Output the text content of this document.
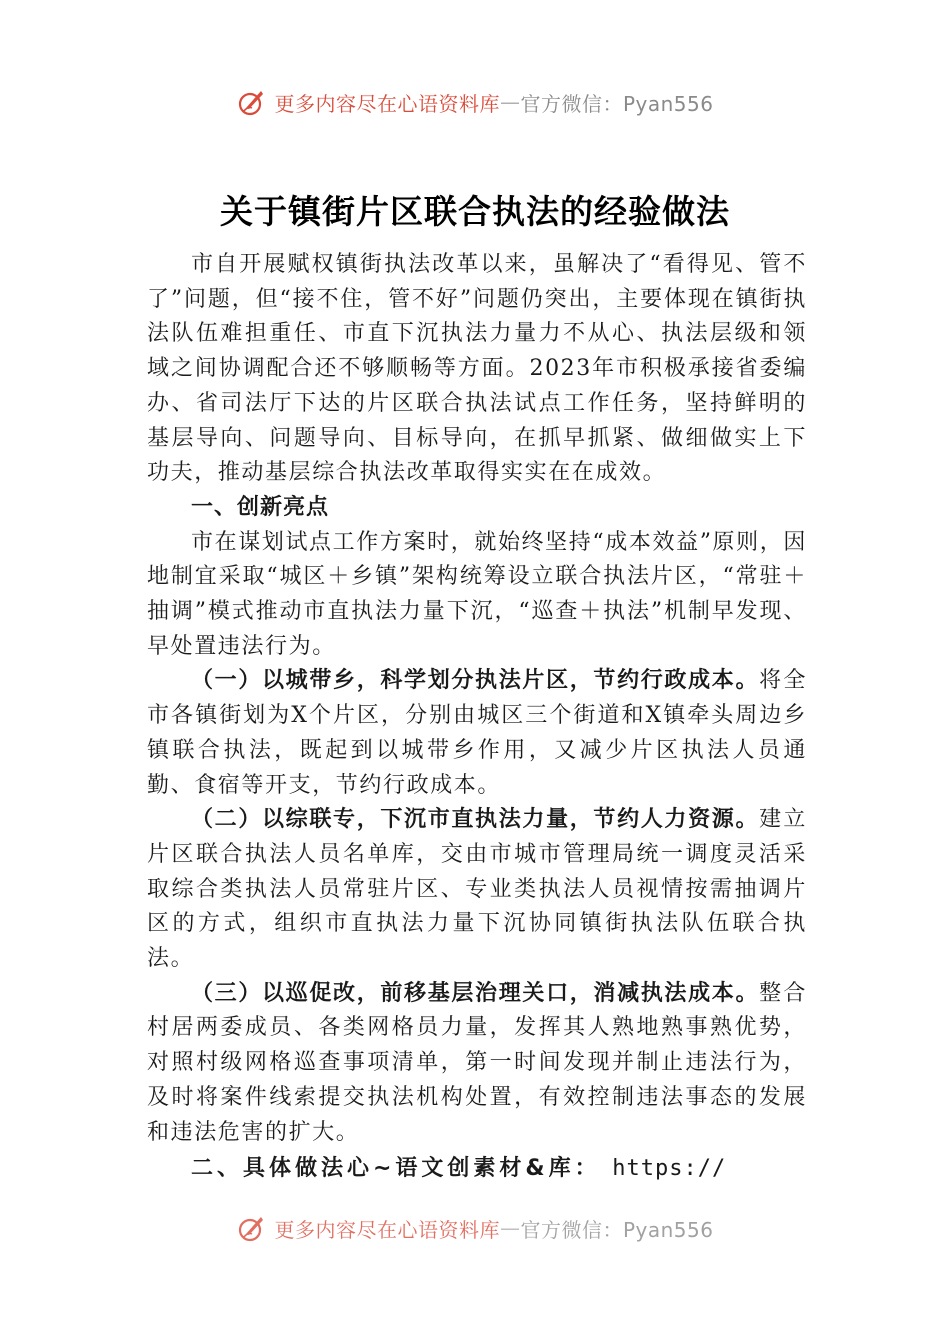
更多内容尽在心语资料库 — 官方微信：Pyan556
关于镇街片区联合执法的经验做法

市自开展赋权镇街执法改革以来，虽解决了“看得见、管不了”问题，但“接不住，管不好”问题仍突出，主要体现在镇街执法队伍难担重任、市直下沉执法力量力不从心、执法层级和领域之间协调配合还不够顺畅等方面。2023年市积极承接省委编办、省司法厅下达的片区联合执法试点工作任务，坚持鲜明的基层导向、问题导向、目标导向，在抓早抓紧、做细做实上下功夫，推动基层综合执法改革取得实实在在成效。

一、创新亮点

市在谋划试点工作方案时，就始终坚持“成本效益”原则，因地制宜采取“城区＋乡镇”架构统筹设立联合执法片区，“常驻＋抽调”模式推动市直执法力量下沉，“巡查＋执法”机制早发现、早处置违法行为。

（一）以城带乡，科学划分执法片区，节约行政成本。将全市各镇街划为X个片区，分别由城区三个街道和X镇牵头周边乡镇联合执法，既起到以城带乡作用，又减少片区执法人员通勤、食宿等开支，节约行政成本。

（二）以综联专，下沉市直执法力量，节约人力资源。建立片区联合执法人员名单库，交由市城市管理局统一调度灵活采取综合类执法人员常驻片区、专业类执法人员视情按需抽调片区的方式，组织市直执法力量下沉协同镇街执法队伍联合执法。

（三）以巡促改，前移基层治理关口，消减执法成本。整合村居两委成员、各类网格员力量，发挥其人熟地熟事熟优势，对照村级网格巡查事项清单，第一时间发现并制止违法行为，及时将案件线索提交执法机构处置，有效控制违法事态的发展和违法危害的扩大。

二、具体做法心~语文创素材&库： https://

更多内容尽在心语资料库 — 官方微信：Pyan556
